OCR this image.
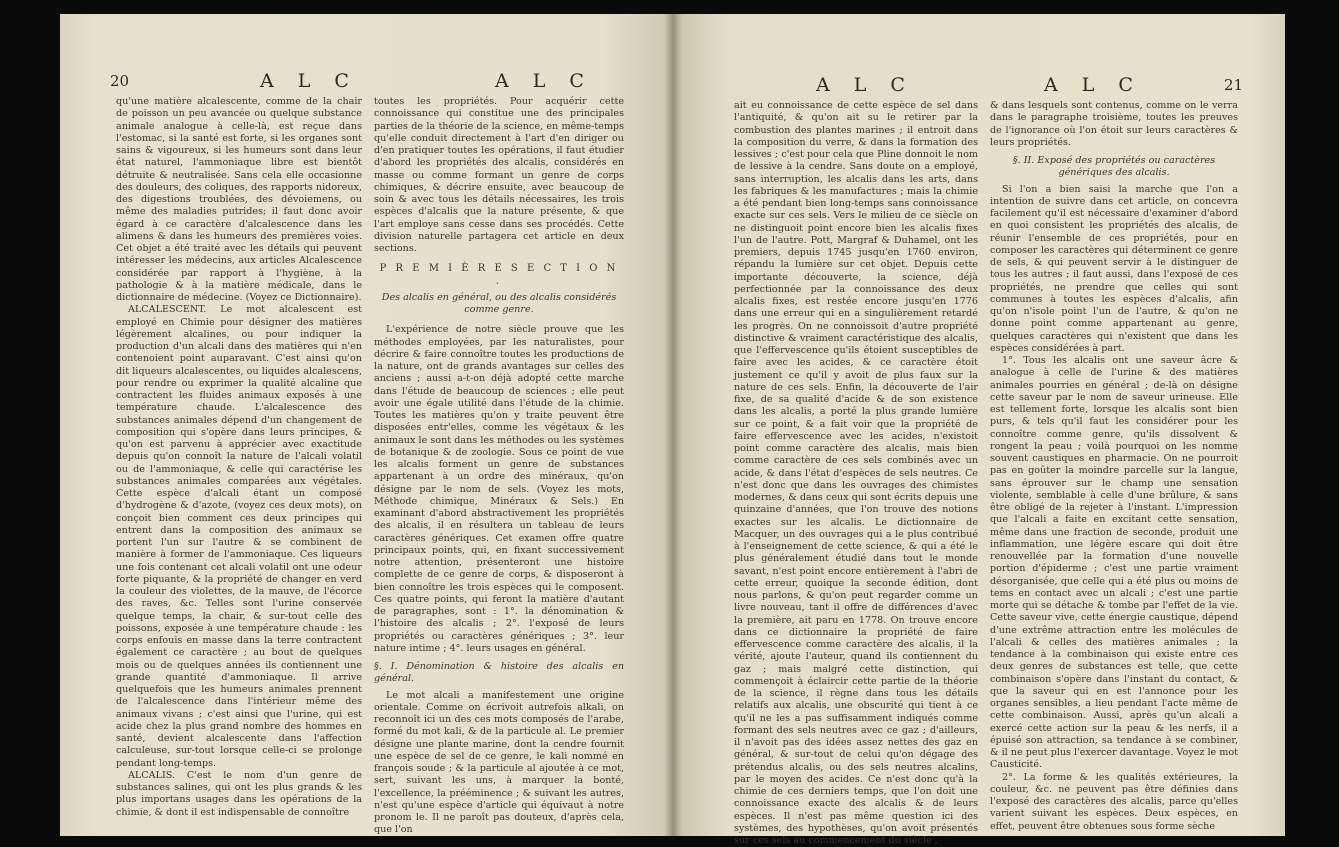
20	A L C	A L C

qu'une matière alcalescente, comme de la chair de poisson un peu avancée ou quelque substance animale analogue à celle-là, est reçue dans l'estomac, si la santé est forte, si les organes sont sains & vigoureux, si les humeurs sont dans leur état naturel, l'ammoniaque libre est bientôt détruite & neutralisée. Sans cela elle occasionne des douleurs, des coliques, des rapports nidoreux, des digestions troublées, des dévoiemens, ou même des maladies putrides; il faut donc avoir égard à ce caractère d'alcalescence dans les alimens & dans les humeurs des premières voies. Cet objet a été traité avec les détails qui peuvent intéresser les médecins, aux articles Alcalescence considérée par rapport à l'hygiène, à la pathologie & à la matière médicale, dans le dictionnaire de médecine. (Voyez ce Dictionnaire).

ALCALESCENT. Le mot alcalescent est employé en Chimie pour désigner des matières légèrement alcalines, ou pour indiquer la production d'un alcali dans des matières qui n'en contenoient point auparavant. C'est ainsi qu'on dit liqueurs alcalescentes, ou liquides alcalescens, pour rendre ou exprimer la qualité alcaline que contractent les fluides animaux exposés à une température chaude. L'alcalescence des substances animales dépend d'un changement de composition qui s'opère dans leurs principes, & qu'on est parvenu à apprécier avec exactitude depuis qu'on connoît la nature de l'alcali volatil ou de l'ammoniaque, & celle qui caractérise les substances animales comparées aux végétales. Cette espèce d'alcali étant un composé d'hydrogène & d'azote, (voyez ces deux mots), on conçoit bien comment ces deux principes qui entrent dans la composition des animaux se portent l'un sur l'autre & se combinent de manière à former de l'ammoniaque. Ces liqueurs une fois contenant cet alcali volatil ont une odeur forte piquante, & la propriété de changer en verd la couleur des violettes, de la mauve, de l'écorce des raves, &c. Telles sont l'urine conservée quelque temps, la chair, & sur-tout celle des poissons, exposée à une température chaude : les corps enfouis en masse dans la terre contractent également ce caractère ; au bout de quelques mois ou de quelques années ils contiennent une grande quantité d'ammoniaque. Il arrive quelquefois que les humeurs animales prennent de l'alcalescence dans l'intérieur même des animaux vivans ; c'est ainsi que l'urine, qui est acide chez la plus grand nombre des hommes en santé, devient alcalescente dans l'affection calculeuse, sur-tout lorsque celle-ci se prolonge pendant long-temps.

ALCALIS. C'est le nom d'un genre de substances salines, qui ont les plus grands & les plus importans usages dans les opérations de la chimie, & dont il est indispensable de connoître

toutes les propriétés. Pour acquérir cette connoissance qui constitue une des principales parties de la théorie de la science, en même-temps qu'elle conduit directement à l'art d'en diriger ou d'en pratiquer toutes les opérations, il faut étudier d'abord les propriétés des alcalis, considérés en masse ou comme formant un genre de corps chimiques, & décrire ensuite, avec beaucoup de soin & avec tous les détails nécessaires, les trois espèces d'alcalis que la nature présente, & que l'art employe sans cesse dans ses procédés. Cette division naturelle partagera cet article en deux sections.

P R E M I È R E S E C T I O N .
Des alcalis en général, ou des alcalis considérés comme genre.

L'expérience de notre siècle prouve que les méthodes employées, par les naturalistes, pour décrire & faire connoître toutes les productions de la nature, ont de grands avantages sur celles des anciens ; aussi a-t-on déjà adopté cette marche dans l'étude de beaucoup de sciences ; elle peut avoir une égale utilité dans l'étude de la chimie. Toutes les matières qu'on y traite peuvent être disposées entr'elles, comme les végétaux & les animaux le sont dans les méthodes ou les systèmes de botanique & de zoologie. Sous ce point de vue les alcalis forment un genre de substances appartenant à un ordre des minéraux, qu'on désigne par le nom de sels. (Voyez les mots, Méthode chimique, Minéraux & Sels.) En examinant d'abord abstractivement les propriétés des alcalis, il en résultera un tableau de leurs caractères génériques. Cet examen offre quatre principaux points, qui, en fixant successivement notre attention, présenteront une histoire complette de ce genre de corps, & disposeront à bien connoître les trois espèces qui le composent. Ces quatre points, qui feront la matière d'autant de paragraphes, sont : 1°. la dénomination & l'histoire des alcalis ; 2°. l'exposé de leurs propriétés ou caractères génériques ; 3°. leur nature intime ; 4°. leurs usages en général.

§. I. Dénomination & histoire des alcalis en général.

Le mot alcali a manifestement une origine orientale. Comme on écrivoit autrefois alkali, on reconnoît ici un des ces mots composés de l'arabe, formé du mot kali, & de la particule al. Le premier désigne une plante marine, dont la cendre fournit une espèce de sel de ce genre, le kali nommé en françois soude ; & la particule al ajoutée à ce mot, sert, suivant les uns, à marquer la bonté, l'excellence, la prééminence ; & suivant les autres, n'est qu'une espèce d'article qui équivaut à notre pronom le. Il ne paroît pas douteux, d'après cela, que l'on

A L C	A L C	21

ait eu connoissance de cette espèce de sel dans l'antiquité, & qu'on ait su le retirer par la combustion des plantes marines ; il entroit dans la composition du verre, & dans la formation des lessives ; c'est pour cela que Pline donnoit le nom de lessive à la cendre. Sans doute on a employé, sans interruption, les alcalis dans les arts, dans les fabriques & les manufactures ; mais la chimie a été pendant bien long-temps sans connoissance exacte sur ces sels. Vers le milieu de ce siècle on ne distinguoit point encore bien les alcalis fixes l'un de l'autre. Pott, Margraf & Duhamel, ont les premiers, depuis 1745 jusqu'en 1760 environ, répandu la lumière sur cet objet. Depuis cette importante découverte, la science, déjà perfectionnée par la connoissance des deux alcalis fixes, est restée encore jusqu'en 1776 dans une erreur qui en a singulièrement retardé les progrès. On ne connoissoit d'autre propriété distinctive & vraiment caractéristique des alcalis, que l'effervescence qu'ils étoient susceptibles de faire avec les acides, & ce caractère étoit justement ce qu'il y avoit de plus faux sur la nature de ces sels. Enfin, la découverte de l'air fixe, de sa qualité d'acide & de son existence dans les alcalis, a porté la plus grande lumière sur ce point, & a fait voir que la propriété de faire effervescence avec les acides, n'existoit point comme caractère des alcalis, mais bien comme caractère de ces sels combinés avec un acide, & dans l'état d'espèces de sels neutres. Ce n'est donc que dans les ouvrages des chimistes modernes, & dans ceux qui sont écrits depuis une quinzaine d'années, que l'on trouve des notions exactes sur les alcalis. Le dictionnaire de Macquer, un des ouvrages qui a le plus contribué à l'enseignement de cette science, & qui a été le plus généralement étudié dans tout le monde savant, n'est point encore entièrement à l'abri de cette erreur, quoique la seconde édition, dont nous parlons, & qu'on peut regarder comme un livre nouveau, tant il offre de différences d'avec la première, ait paru en 1778. On trouve encore dans ce dictionnaire la propriété de faire effervescence comme caractère des alcalis, il la vérité, ajoute l'auteur, quand ils contiennent du gaz ; mais malgré cette distinction, qui commençoit à éclaircir cette partie de la théorie de la science, il règne dans tous les détails relatifs aux alcalis, une obscurité qui tient à ce qu'il ne les a pas suffisamment indiqués comme formant des sels neutres avec ce gaz ; d'ailleurs, il n'avoit pas des idées assez nettes des gaz en général, & sur-tout de celui qu'on dégage des prétendus alcalis, ou des sels neutres alcalins, par le moyen des acides. Ce n'est donc qu'à la chimie de ces derniers temps, que l'on doit une connoissance exacte des alcalis & de leurs espèces. Il n'est pas même question ici des systèmes, des hypothèses, qu'on avoit présentés sur ces sels au commencement du siècle ,

& dans lesquels sont contenus, comme on le verra dans le paragraphe troisième, toutes les preuves de l'ignorance où l'on étoit sur leurs caractères & leurs propriétés.

§. II. Exposé des propriétés ou caractères génériques des alcalis.

Si l'on a bien saisi la marche que l'on a intention de suivre dans cet article, on concevra facilement qu'il est nécessaire d'examiner d'abord en quoi consistent les propriétés des alcalis, de réunir l'ensemble de ces propriétés, pour en composer les caractères qui déterminent ce genre de sels, & qui peuvent servir à le distinguer de tous les autres ; il faut aussi, dans l'exposé de ces propriétés, ne prendre que celles qui sont communes à toutes les espèces d'alcalis, afin qu'on n'isole point l'un de l'autre, & qu'on ne donne point comme appartenant au genre, quelques caractères qui n'existent que dans les espèces considérées à part.

1°. Tous les alcalis ont une saveur âcre & analogue à celle de l'urine & des matières animales pourries en général ; de-là on désigne cette saveur par le nom de saveur urineuse. Elle est tellement forte, lorsque les alcalis sont bien purs, & tels qu'il faut les considérer pour les connoître comme genre, qu'ils dissolvent & rongent la peau ; voilà pourquoi on les nomme souvent caustiques en pharmacie. On ne pourroit pas en goûter la moindre parcelle sur la langue, sans éprouver sur le champ une sensation violente, semblable à celle d'une brûlure, & sans être obligé de la rejeter à l'instant. L'impression que l'alcali a faite en excitant cette sensation, même dans une fraction de seconde, produit une inflammation, une légère escare qui doit être renouvellée par la formation d'une nouvelle portion d'épiderme ; c'est une partie vraiment désorganisée, que celle qui a été plus ou moins de tems en contact avec un alcali ; c'est une partie morte qui se détache & tombe par l'effet de la vie. Cette saveur vive, cette énergie caustique, dépend d'une extrême attraction entre les molécules de l'alcali & celles des matières animales ; la tendance à la combinaison qui existe entre ces deux genres de substances est telle, que cette combinaison s'opère dans l'instant du contact, & que la saveur qui en est l'annonce pour les organes sensibles, a lieu pendant l'acte même de cette combinaison. Aussi, après qu'un alcali a exercé cette action sur la peau & les nerfs, il a épuisé son attraction, sa tendance à se combiner, & il ne peut plus l'exercer davantage. Voyez le mot Causticité.

2°. La forme & les qualités extérieures, la couleur, &c. ne peuvent pas être définies dans l'exposé des caractères des alcalis, parce qu'elles varient suivant les espèces. Deux espèces, en effet, peuvent être obtenues sous forme sèche
